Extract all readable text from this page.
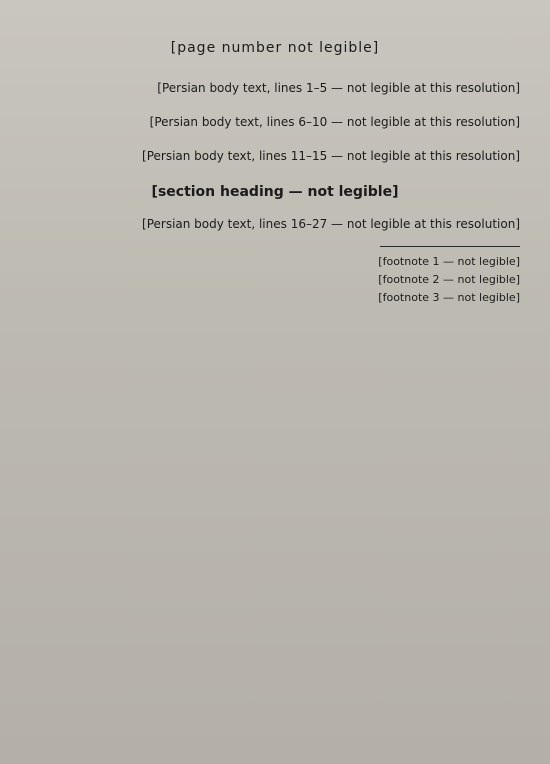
[page number not legible]

[Persian body text, lines 1–5 — not legible at this resolution]

[Persian body text, lines 6–10 — not legible at this resolution]

[Persian body text, lines 11–15 — not legible at this resolution]

[section heading — not legible]

[Persian body text, lines 16–27 — not legible at this resolution]

[footnote 1 — not legible]

[footnote 2 — not legible]

[footnote 3 — not legible]
